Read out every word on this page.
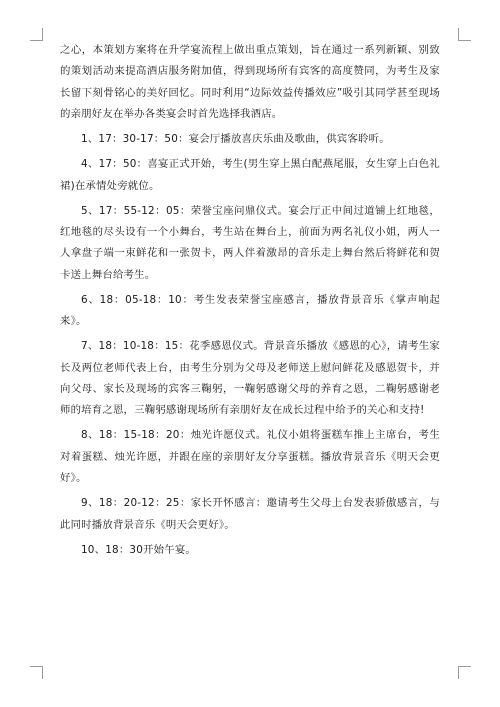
之心，本策划方案将在升学宴流程上做出重点策划，旨在通过一系列新颖、别致的策划活动来提高酒店服务附加值，得到现场所有宾客的高度赞同，为考生及家长留下刻骨铭心的美好回忆。同时利用“边际效益传播效应”吸引其同学甚至现场的亲朋好友在举办各类宴会时首先选择我酒店。

1、17：30-17：50：宴会厅播放喜庆乐曲及歌曲，供宾客聆听。

4、17：50：喜宴正式开始，考生(男生穿上黑白配燕尾服，女生穿上白色礼裙)在承情处旁就位。

5、17：55-12：05：荣誉宝座问鼎仪式。宴会厅正中间过道铺上红地毯，红地毯的尽头设有一个小舞台，考生站在舞台上，前面为两名礼仪小姐，两人一人拿盘子端一束鲜花和一张贺卡，两人伴着激昂的音乐走上舞台然后将鲜花和贺卡送上舞台给考生。

6、18：05-18：10：考生发表荣誉宝座感言，播放背景音乐《掌声响起来》。

7、18：10-18：15：花季感恩仪式。背景音乐播放《感恩的心》，请考生家长及两位老师代表上台，由考生分别为父母及老师送上慰问鲜花及感恩贺卡，并向父母、家长及现场的宾客三鞠躬，一鞠躬感谢父母的养育之恩，二鞠躬感谢老师的培育之恩，三鞠躬感谢现场所有亲朋好友在成长过程中给予的关心和支持!

8、18：15-18：20：烛光许愿仪式。礼仪小姐将蛋糕车推上主席台，考生对着蛋糕、烛光许愿，并跟在座的亲朋好友分享蛋糕。播放背景音乐《明天会更好》。

9、18：20-12：25：家长开怀感言：邀请考生父母上台发表骄傲感言，与此同时播放背景音乐《明天会更好》。

10、18：30开始午宴。
